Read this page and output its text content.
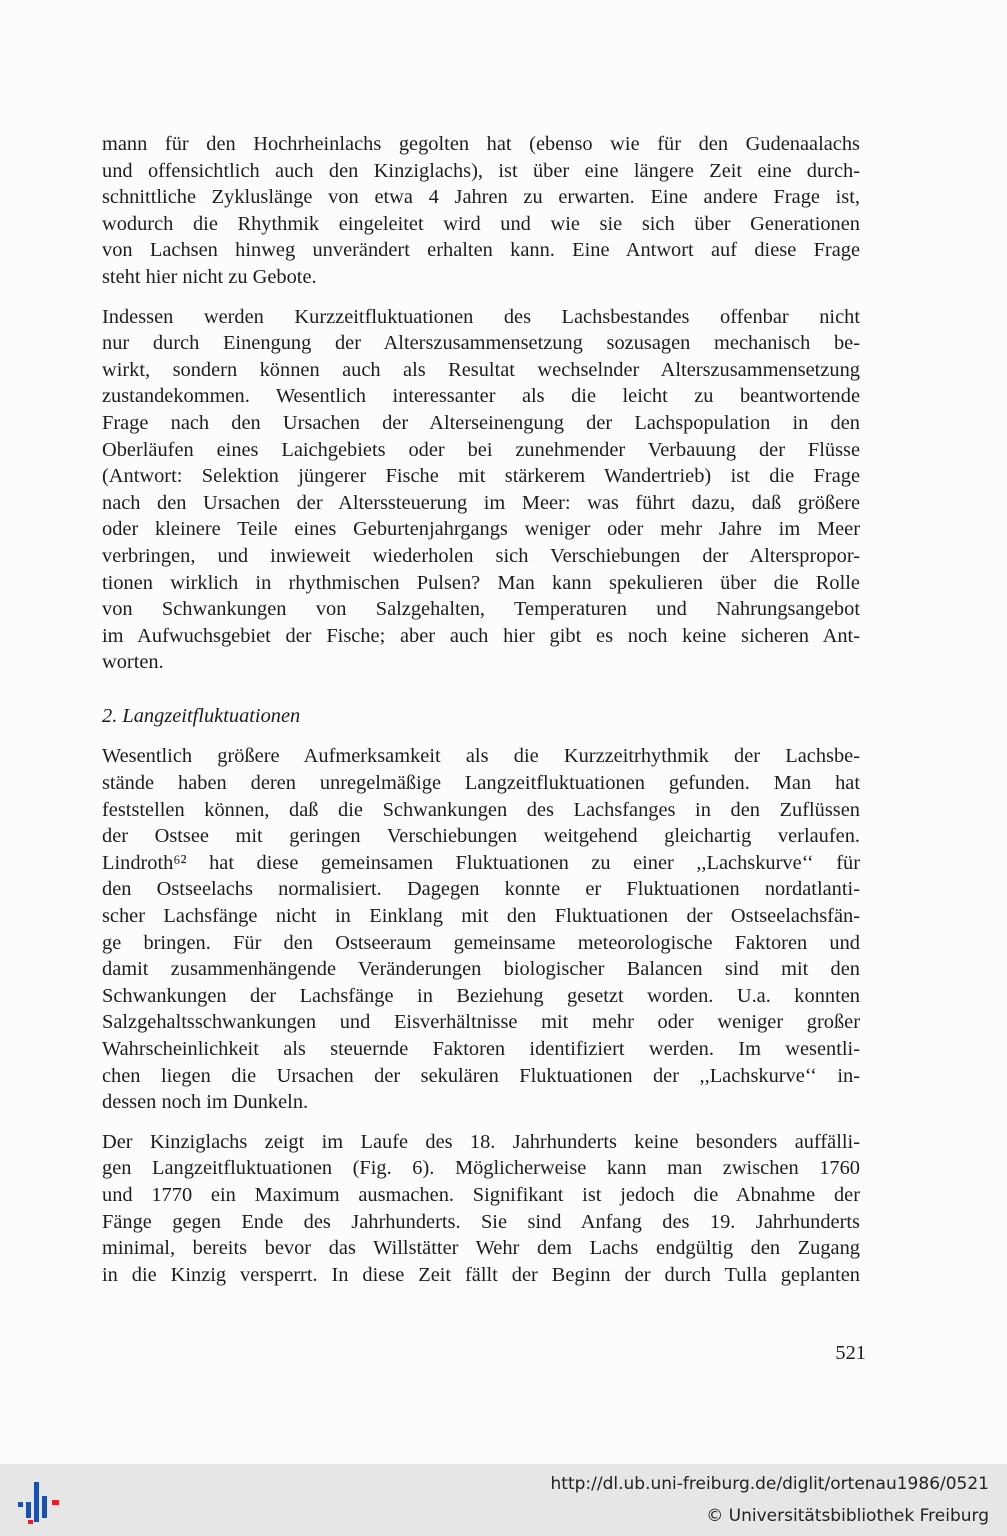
mann für den Hochrheinlachs gegolten hat (ebenso wie für den Gudenaalachs
und offensichtlich auch den Kinziglachs), ist über eine längere Zeit eine durch-
schnittliche Zykluslänge von etwa 4 Jahren zu erwarten. Eine andere Frage ist,
wodurch die Rhythmik eingeleitet wird und wie sie sich über Generationen
von Lachsen hinweg unverändert erhalten kann. Eine Antwort auf diese Frage
steht hier nicht zu Gebote.

Indessen werden Kurzzeitfluktuationen des Lachsbestandes offenbar nicht
nur durch Einengung der Alterszusammensetzung sozusagen mechanisch be-
wirkt, sondern können auch als Resultat wechselnder Alterszusammensetzung
zustandekommen. Wesentlich interessanter als die leicht zu beantwortende
Frage nach den Ursachen der Alterseinengung der Lachspopulation in den
Oberläufen eines Laichgebiets oder bei zunehmender Verbauung der Flüsse
(Antwort: Selektion jüngerer Fische mit stärkerem Wandertrieb) ist die Frage
nach den Ursachen der Alterssteuerung im Meer: was führt dazu, daß größere
oder kleinere Teile eines Geburtenjahrgangs weniger oder mehr Jahre im Meer
verbringen, und inwieweit wiederholen sich Verschiebungen der Alterspropor-
tionen wirklich in rhythmischen Pulsen? Man kann spekulieren über die Rolle
von Schwankungen von Salzgehalten, Temperaturen und Nahrungsangebot
im Aufwuchsgebiet der Fische; aber auch hier gibt es noch keine sicheren Ant-
worten.

2. Langzeitfluktuationen

Wesentlich größere Aufmerksamkeit als die Kurzzeitrhythmik der Lachsbe-
stände haben deren unregelmäßige Langzeitfluktuationen gefunden. Man hat
feststellen können, daß die Schwankungen des Lachsfanges in den Zuflüssen
der Ostsee mit geringen Verschiebungen weitgehend gleichartig verlaufen.
Lindroth⁶² hat diese gemeinsamen Fluktuationen zu einer ,,Lachskurve‘‘ für
den Ostseelachs normalisiert. Dagegen konnte er Fluktuationen nordatlanti-
scher Lachsfänge nicht in Einklang mit den Fluktuationen der Ostseelachsfän-
ge bringen. Für den Ostseeraum gemeinsame meteorologische Faktoren und
damit zusammenhängende Veränderungen biologischer Balancen sind mit den
Schwankungen der Lachsfänge in Beziehung gesetzt worden. U.a. konnten
Salzgehaltsschwankungen und Eisverhältnisse mit mehr oder weniger großer
Wahrscheinlichkeit als steuernde Faktoren identifiziert werden. Im wesentli-
chen liegen die Ursachen der sekulären Fluktuationen der ,,Lachskurve‘‘ in-
dessen noch im Dunkeln.

Der Kinziglachs zeigt im Laufe des 18. Jahrhunderts keine besonders auffälli-
gen Langzeitfluktuationen (Fig. 6). Möglicherweise kann man zwischen 1760
und 1770 ein Maximum ausmachen. Signifikant ist jedoch die Abnahme der
Fänge gegen Ende des Jahrhunderts. Sie sind Anfang des 19. Jahrhunderts
minimal, bereits bevor das Willstätter Wehr dem Lachs endgültig den Zugang
in die Kinzig versperrt. In diese Zeit fällt der Beginn der durch Tulla geplanten

521
http://dl.ub.uni-freiburg.de/diglit/ortenau1986/0521
© Universitätsbibliothek Freiburg
